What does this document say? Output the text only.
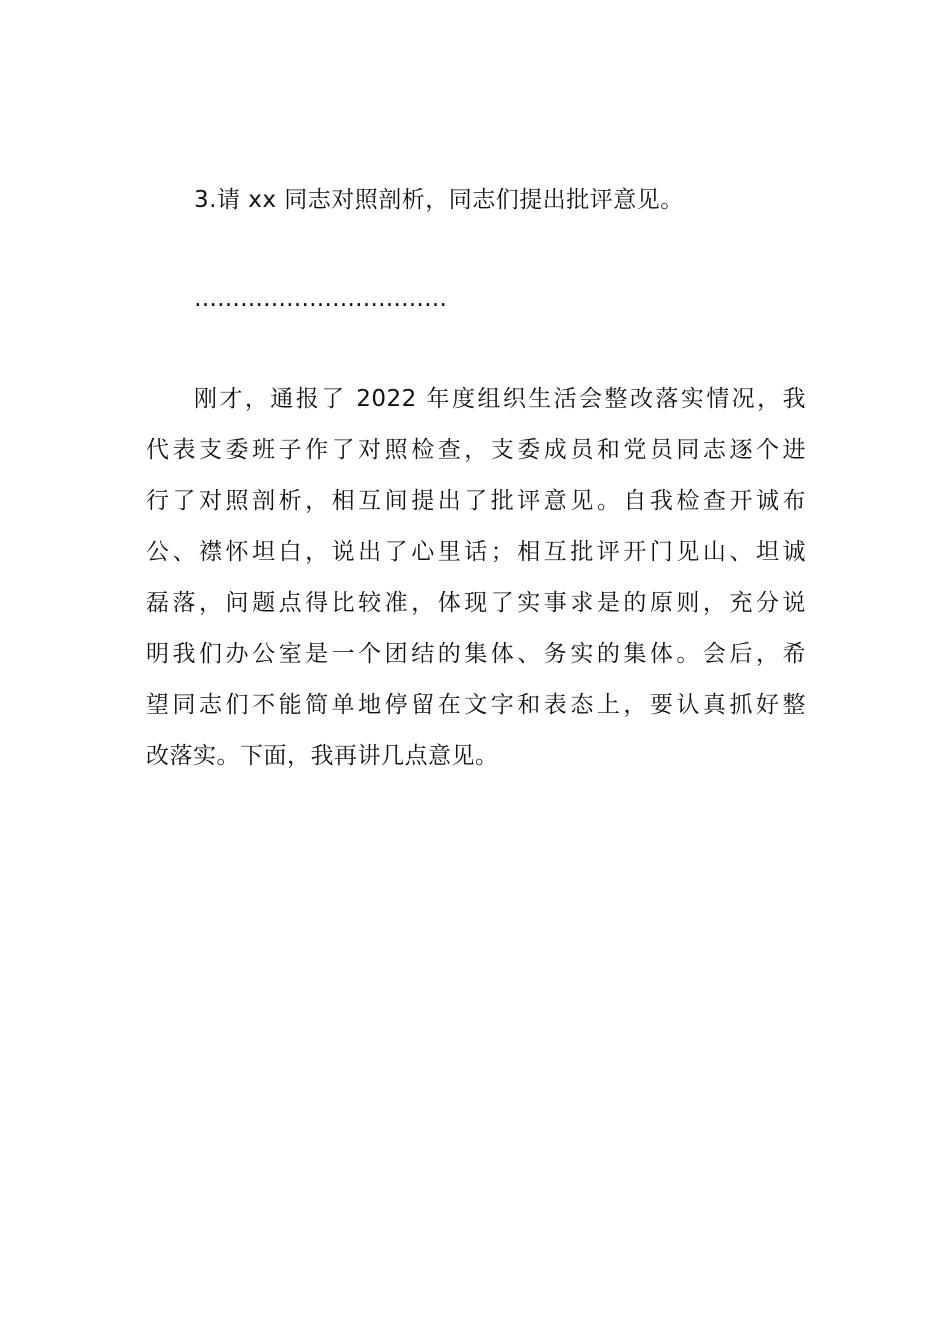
3.请 xx 同志对照剖析，同志们提出批评意见。
……………………………
刚才，通报了 2022 年度组织生活会整改落实情况，我
代表支委班子作了对照检查，支委成员和党员同志逐个进
行了对照剖析，相互间提出了批评意见。自我检查开诚布
公、襟怀坦白，说出了心里话；相互批评开门见山、坦诚
磊落，问题点得比较准，体现了实事求是的原则，充分说
明我们办公室是一个团结的集体、务实的集体。会后，希
望同志们不能简单地停留在文字和表态上，要认真抓好整
改落实。下面，我再讲几点意见。
